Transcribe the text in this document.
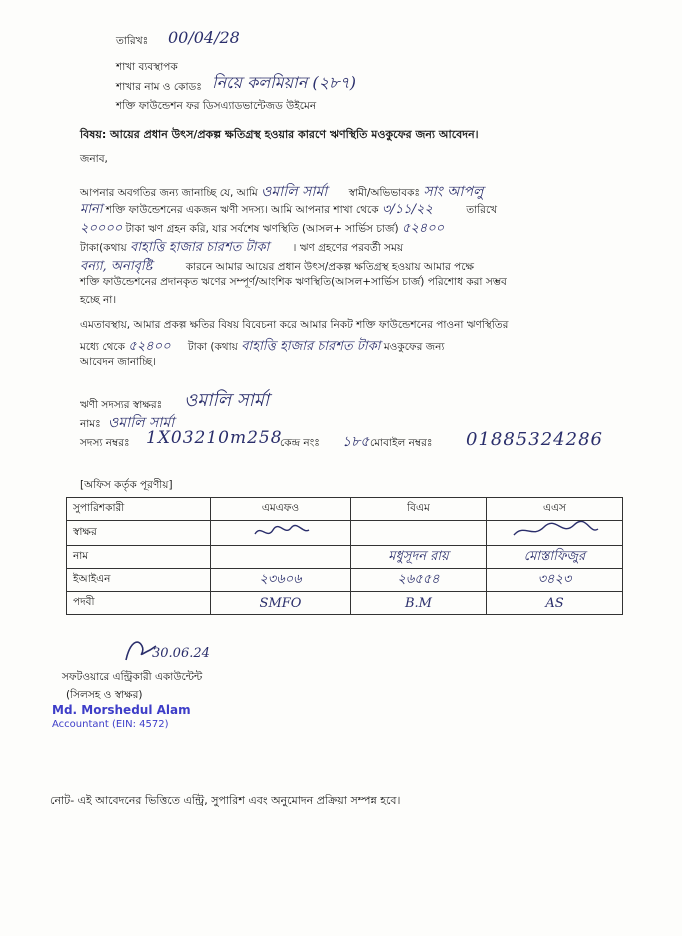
তারিখঃ 00/04/28
শাখা ব্যবস্থাপক
শাখার নাম ও কোডঃ নিয়ে কলমিয়ান (২৮৭)
শক্তি ফাউন্ডেশন ফর ডিসএ্যাডভান্টেজড উইমেন
বিষয়: আয়ের প্রধান উৎস/প্রকল্প ক্ষতিগ্রস্থ হওয়ার কারণে ঋণস্থিতি মওকুফের জন্য আবেদন।
জনাব,
আপনার অবগতির জন্য জানাচ্ছি যে, আমি ওমালি সার্মা স্বামী/অভিভাবকঃ সাং আপলু
মানা শক্তি ফাউন্ডেশনের একজন ঋণী সদস্য। আমি আপনার শাখা থেকে ৩/১১/২২	তারিখে
২০০০০ টাকা ঋণ গ্রহন করি, যার সর্বশেষ ঋণস্থিতি (আসল+ সার্ভিস চার্জ) ৫২৪০০
টাকা(কথায় বাহাত্তি হাজার চারশত টাকা । ঋণ গ্রহণের পরবর্তী সময়
বন্যা, অনাবৃষ্টি	কারনে আমার আয়ের প্রধান উৎস/প্রকল্প ক্ষতিগ্রস্থ হওয়ায় আমার পক্ষে
শক্তি ফাউন্ডেশনের প্রদানকৃত ঋণের সম্পূর্ণ/আংশিক ঋণস্থিতি(আসল+সার্ভিস চার্জ) পরিশোধ করা সম্ভব
হচ্ছে না।
এমতাবস্থায়, আমার প্রকল্প ক্ষতির বিষয় বিবেচনা করে আমার নিকট শক্তি ফাউন্ডেশনের পাওনা ঋণস্থিতির
মধ্যে থেকে ৫২৪০০ টাকা (কথায় বাহাত্তি হাজার চারশত টাকা মওকুফের জন্য
আবেদন জানাচ্ছি।
ঋণী সদস্যর স্বাক্ষরঃ ওমালি সার্মা
নামঃ ওমালি সার্মা
সদস্য নম্বরঃ 1X03210m258
কেন্দ্র নংঃ ১৮৫ মোবাইল নম্বরঃ 01885324286
[অফিস কর্তৃক পূরণীয়]
সুপারিশকারী	এমএফও	বিএম	এএস
স্বাক্ষর			
নাম		মধুসূদন রায়	মোস্তাফিজুর
ইআইএন	২৩৬০৬	২৬৫৫৪	৩৪২৩
পদবী	SMFO	B.M	AS
30.06.24
সফটওয়ারে এন্ট্রিকারী একাউন্টেন্ট
(সিলসহ ও স্বাক্ষর)
Md. Morshedul Alam
Accountant (EIN: 4572)
নোট- এই আবেদনের ভিত্তিতে এন্ট্রি, সুপারিশ এবং অনুমোদন প্রক্রিয়া সম্পন্ন হবে।
